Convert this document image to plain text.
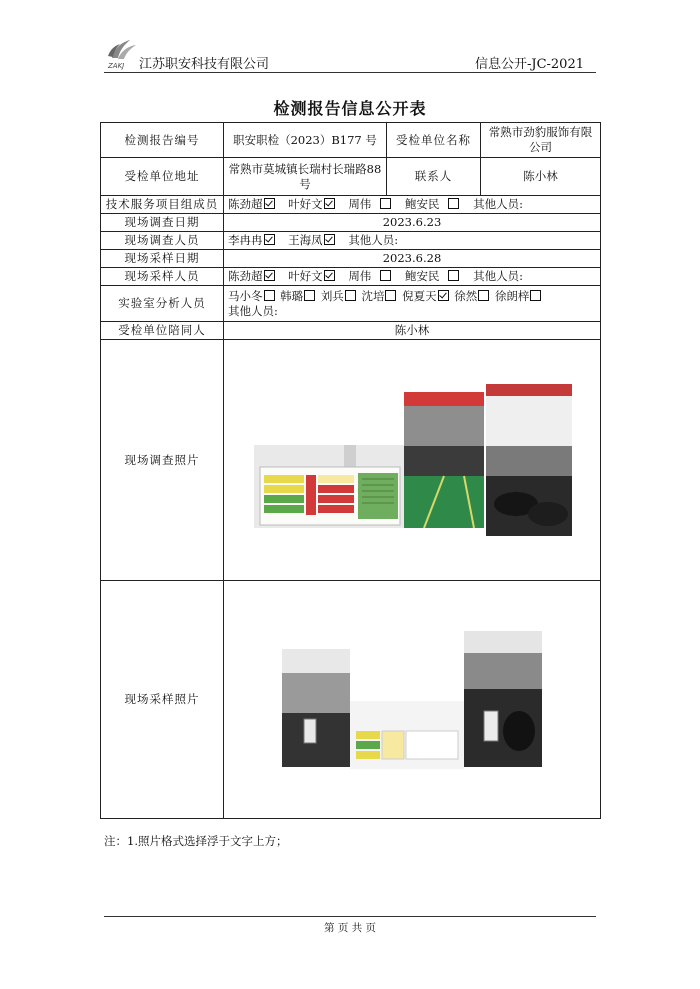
ZAKJ 江苏职安科技有限公司	信息公开-JC-2021
检测报告信息公开表
检测报告编号	职安职检（2023）B177 号	受检单位名称	常熟市劲豹服饰有限公司
受检单位地址	常熟市莫城镇长瑞村长瑞路88号	联系人	陈小林
技术服务项目组成员	陈劲超 叶好文 周伟 鲍安民 其他人员:		
现场调查日期	2023.6.23		
现场调查人员	李冉冉 王海凤 其他人员:		
现场采样日期	2023.6.28		
现场采样人员	陈劲超 叶好文 周伟 鲍安民 其他人员:		
实验室分析人员	马小冬 韩璐 刘兵 沈培 倪夏天 徐然 徐朗梓
其他人员:		
受检单位陪同人	陈小林		
现场调查照片	

现场采样照片	
注：1.照片格式选择浮于文字上方；
第 页 共 页
